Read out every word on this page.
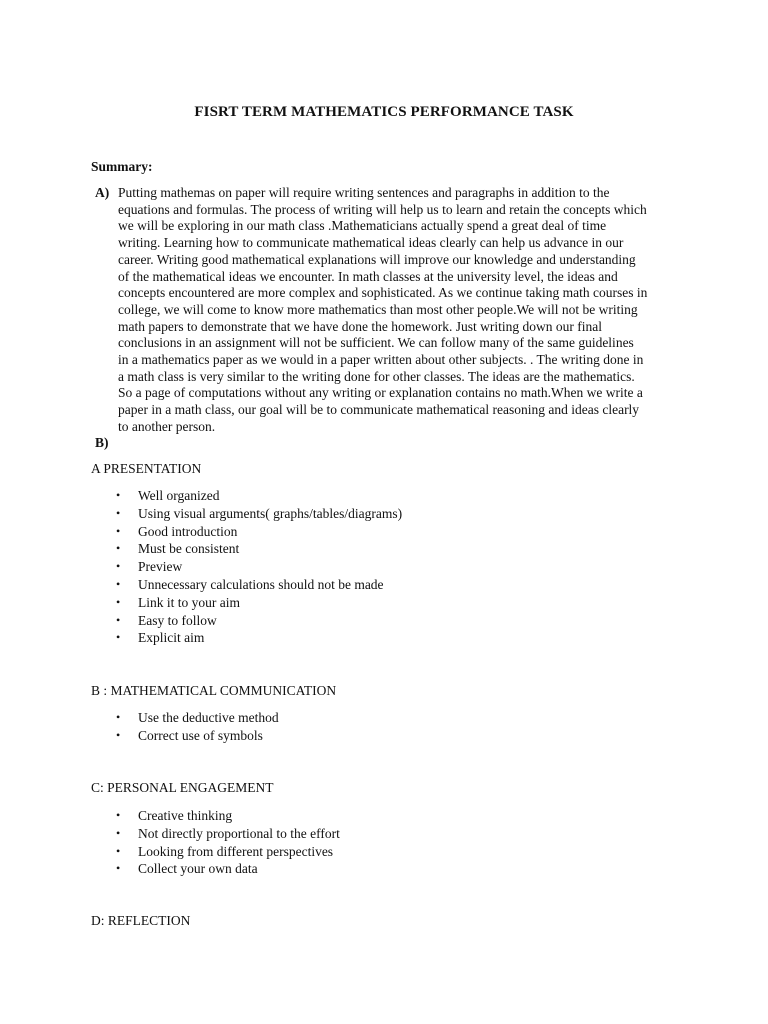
FISRT TERM MATHEMATICS PERFORMANCE TASK
Summary:
A) Putting mathemas on paper will require writing sentences and paragraphs in addition to the
equations and formulas. The process of writing will help us to learn and retain the concepts which
we will be exploring in our math class .Mathematicians actually spend a great deal of time
writing. Learning how to communicate mathematical ideas clearly can help us advance in our
career. Writing good mathematical explanations will improve our knowledge and understanding
of the mathematical ideas we encounter. In math classes at the university level, the ideas and
concepts encountered are more complex and sophisticated. As we continue taking math courses in
college, we will come to know more mathematics than most other people.We will not be writing
math papers to demonstrate that we have done the homework. Just writing down our final
conclusions in an assignment will not be sufficient. We can follow many of the same guidelines
in a mathematics paper as we would in a paper written about other subjects. . The writing done in
a math class is very similar to the writing done for other classes. The ideas are the mathematics.
So a page of computations without any writing or explanation contains no math.When we write a
paper in a math class, our goal will be to communicate mathematical reasoning and ideas clearly
to another person.
B)
A PRESENTATION
• Well organized
• Using visual arguments( graphs/tables/diagrams)
• Good introduction
• Must be consistent
• Preview
• Unnecessary calculations should not be made
• Link it to your aim
• Easy to follow
• Explicit aim
B : MATHEMATICAL COMMUNICATION
• Use the deductive method
• Correct use of symbols
C: PERSONAL ENGAGEMENT
• Creative thinking
• Not directly proportional to the effort
• Looking from different perspectives
• Collect your own data
D: REFLECTION
